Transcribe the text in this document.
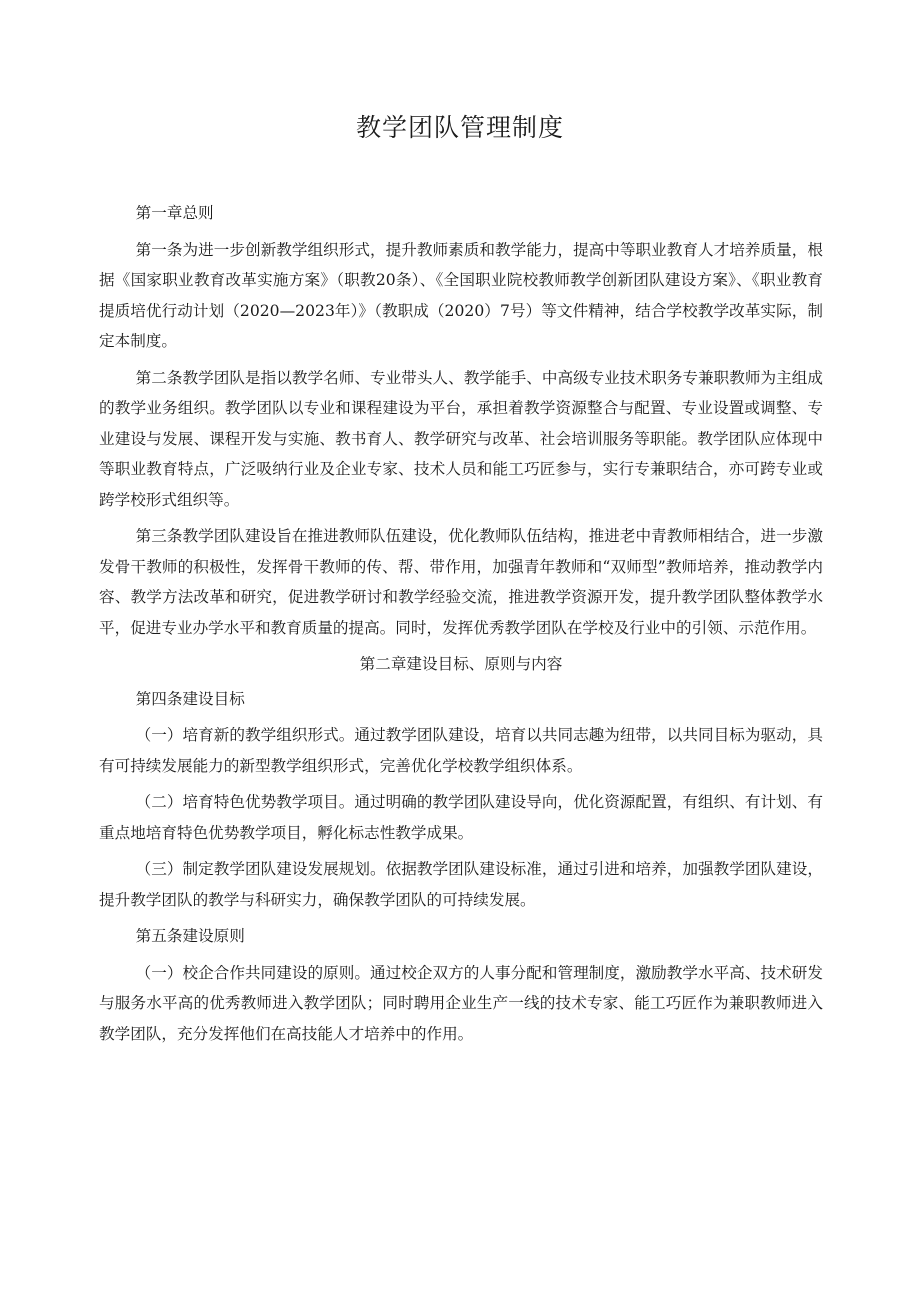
教学团队管理制度

第一章总则

第一条为进一步创新教学组织形式，提升教师素质和教学能力，提高中等职业教育人才培养质量，根据《国家职业教育改革实施方案》（职教20条）、《全国职业院校教师教学创新团队建设方案》、《职业教育提质培优行动计划（2020—2023年）》（教职成（2020）7号）等文件精神，结合学校教学改革实际，制定本制度。

第二条教学团队是指以教学名师、专业带头人、教学能手、中高级专业技术职务专兼职教师为主组成的教学业务组织。教学团队以专业和课程建设为平台，承担着教学资源整合与配置、专业设置或调整、专业建设与发展、课程开发与实施、教书育人、教学研究与改革、社会培训服务等职能。教学团队应体现中等职业教育特点，广泛吸纳行业及企业专家、技术人员和能工巧匠参与，实行专兼职结合，亦可跨专业或跨学校形式组织等。

第三条教学团队建设旨在推进教师队伍建设，优化教师队伍结构，推进老中青教师相结合，进一步激发骨干教师的积极性，发挥骨干教师的传、帮、带作用，加强青年教师和“双师型”教师培养，推动教学内容、教学方法改革和研究，促进教学研讨和教学经验交流，推进教学资源开发，提升教学团队整体教学水平，促进专业办学水平和教育质量的提高。同时，发挥优秀教学团队在学校及行业中的引领、示范作用。

第二章建设目标、原则与内容

第四条建设目标

（一）培育新的教学组织形式。通过教学团队建设，培育以共同志趣为纽带，以共同目标为驱动，具有可持续发展能力的新型教学组织形式，完善优化学校教学组织体系。

（二）培育特色优势教学项目。通过明确的教学团队建设导向，优化资源配置，有组织、有计划、有重点地培育特色优势教学项目，孵化标志性教学成果。

（三）制定教学团队建设发展规划。依据教学团队建设标准，通过引进和培养，加强教学团队建设，提升教学团队的教学与科研实力，确保教学团队的可持续发展。

第五条建设原则

（一）校企合作共同建设的原则。通过校企双方的人事分配和管理制度，激励教学水平高、技术研发与服务水平高的优秀教师进入教学团队；同时聘用企业生产一线的技术专家、能工巧匠作为兼职教师进入教学团队，充分发挥他们在高技能人才培养中的作用。
